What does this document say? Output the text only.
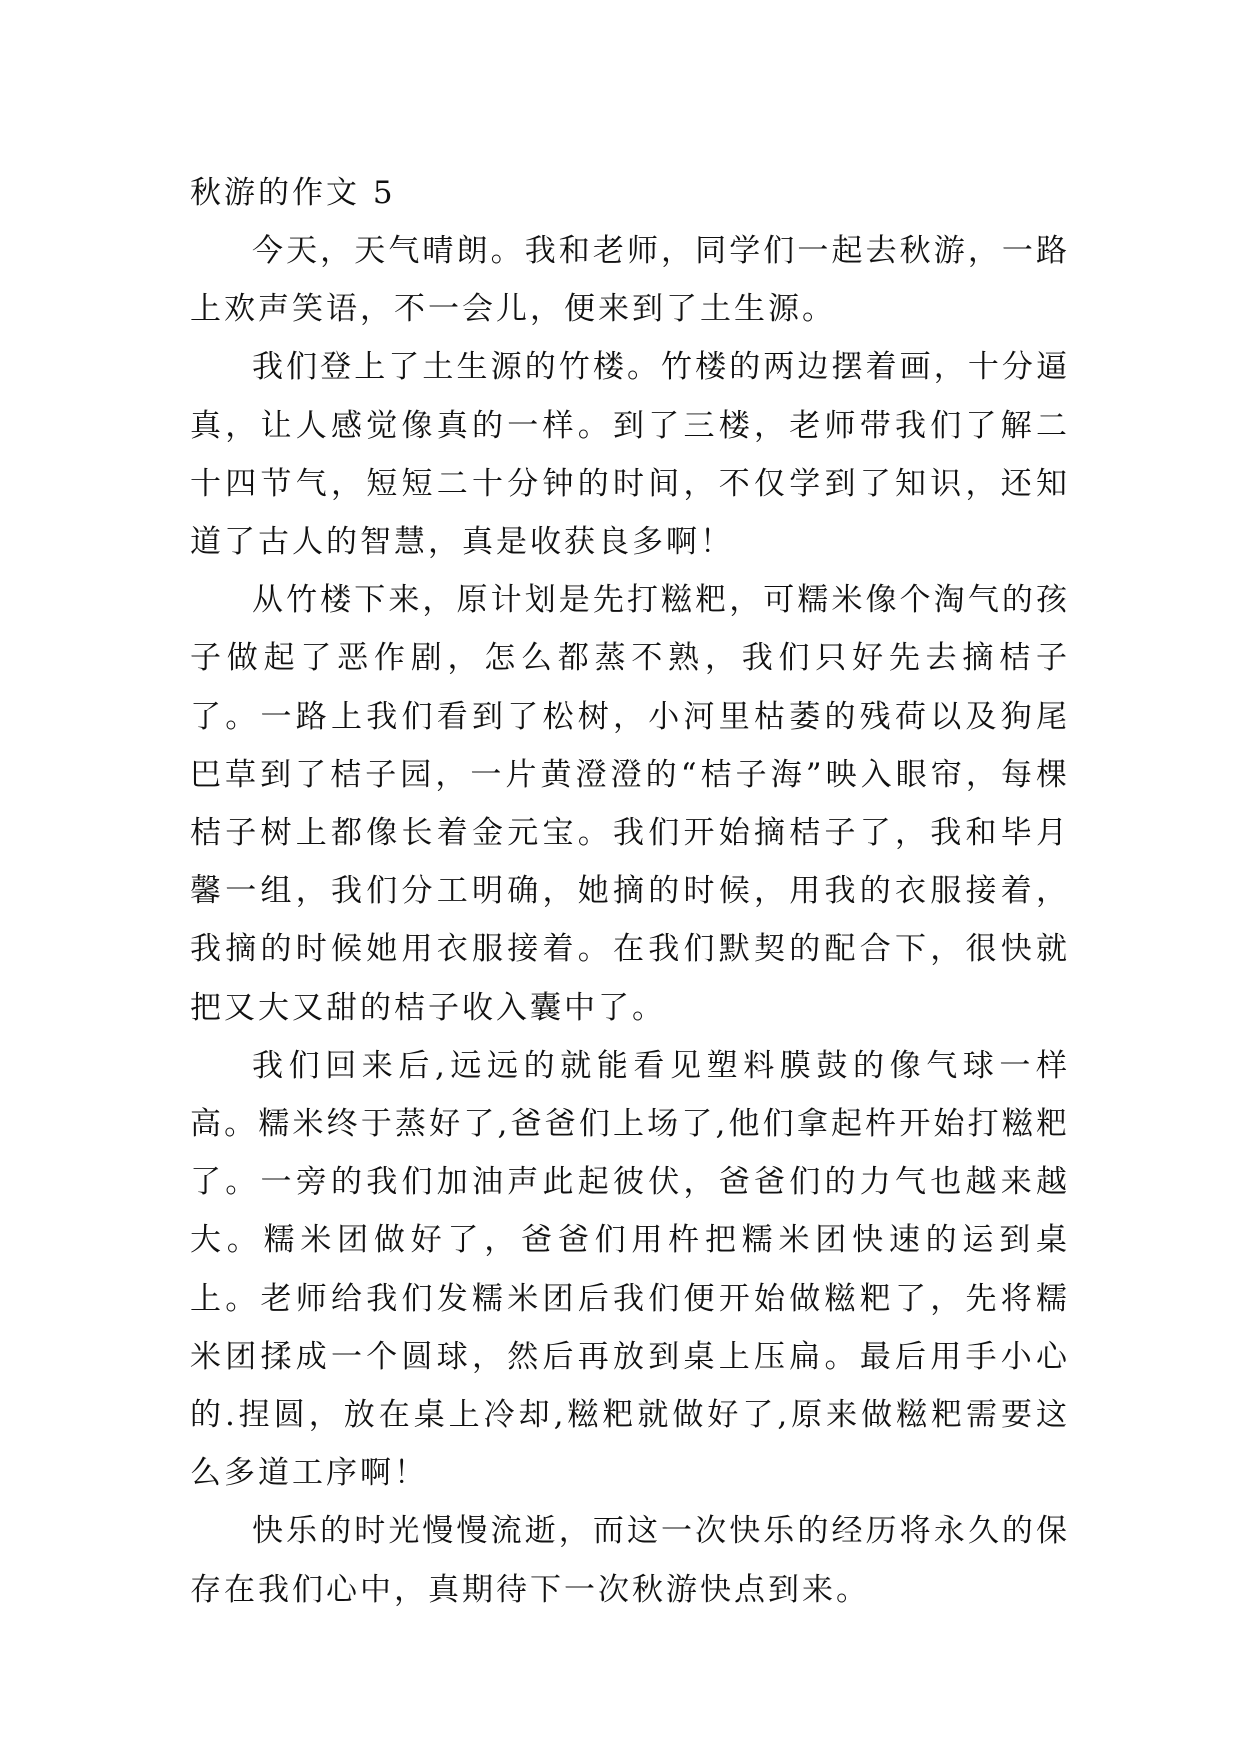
秋游的作文 5

今天，天气晴朗。我和老师，同学们一起去秋游，一路上欢声笑语，不一会儿，便来到了土生源。

我们登上了土生源的竹楼。竹楼的两边摆着画，十分逼真，让人感觉像真的一样。到了三楼，老师带我们了解二十四节气，短短二十分钟的时间，不仅学到了知识，还知道了古人的智慧，真是收获良多啊！

从竹楼下来，原计划是先打糍粑，可糯米像个淘气的孩子做起了恶作剧，怎么都蒸不熟，我们只好先去摘桔子了。一路上我们看到了松树，小河里枯萎的残荷以及狗尾巴草到了桔子园，一片黄澄澄的“桔子海”映入眼帘，每棵桔子树上都像长着金元宝。我们开始摘桔子了，我和毕月馨一组，我们分工明确，她摘的时候，用我的衣服接着，我摘的时候她用衣服接着。在我们默契的配合下，很快就把又大又甜的桔子收入囊中了。

我们回来后,远远的就能看见塑料膜鼓的像气球一样高。糯米终于蒸好了,爸爸们上场了,他们拿起杵开始打糍粑了。一旁的我们加油声此起彼伏，爸爸们的力气也越来越大。糯米团做好了，爸爸们用杵把糯米团快速的运到桌上。老师给我们发糯米团后我们便开始做糍粑了，先将糯米团揉成一个圆球，然后再放到桌上压扁。最后用手小心的.捏圆，放在桌上冷却,糍粑就做好了,原来做糍粑需要这么多道工序啊！

快乐的时光慢慢流逝，而这一次快乐的经历将永久的保存在我们心中，真期待下一次秋游快点到来。
